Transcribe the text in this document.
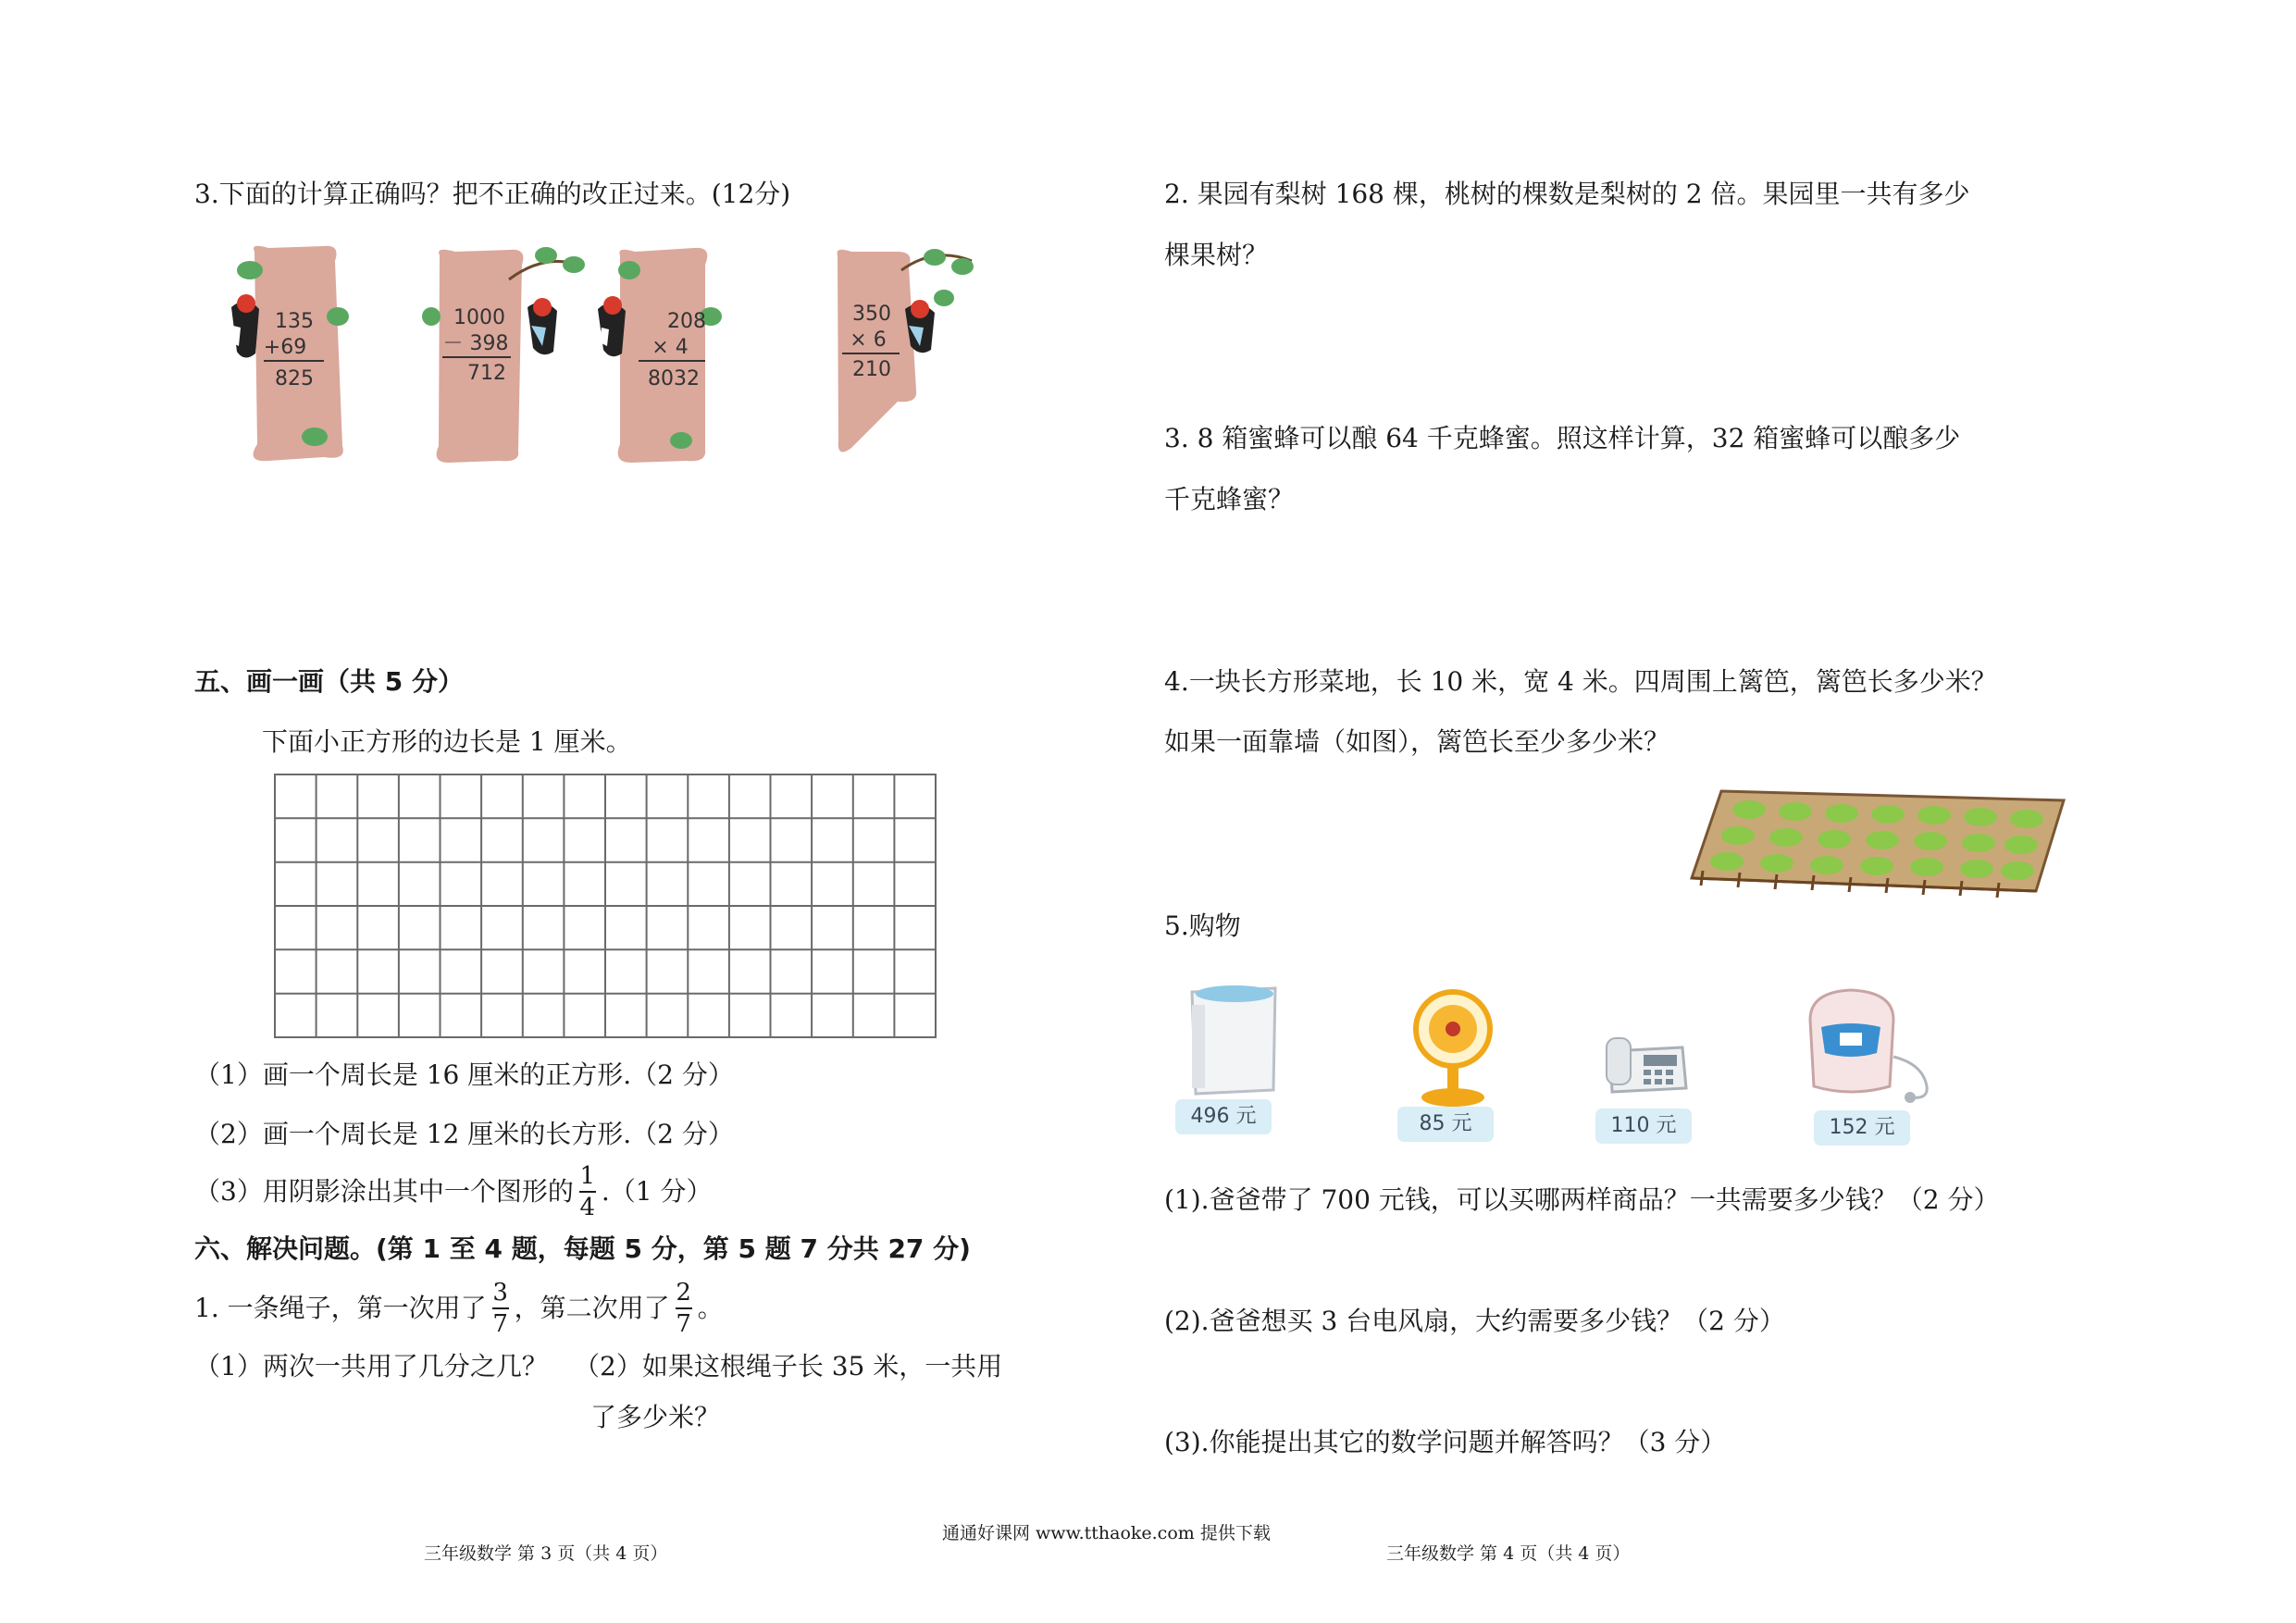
3.下面的计算正确吗？把不正确的改正过来。(12分)
135
+69
825
1000
－ 398
712
208
× 4
8032
350
× 6
210
五、画一画（共 5 分）
下面小正方形的边长是 1 厘米。
（1）画一个周长是 16 厘米的正方形.（2 分）
（2）画一个周长是 12 厘米的长方形.（2 分）
（3）用阴影涂出其中一个图形的 $\frac{1}{4} .(1$ 分）
六、解决问题。(第 1 至 4 题，每题 5 分，第 5 题 7 分共 27 分)
1. 一条绳子，第一次用了 $\frac{3}{7}$ ，第二次用了 $\frac{2}{7}$ 。
（1）两次一共用了几分之几？ （2）如果这根绳子长 35 米，一共用
了多少米？
三年级数学 第 3 页（共 4 页）
通通好课网 www.tthaoke.com 提供下载
2. 果园有梨树 168 棵，桃树的棵数是梨树的 2 倍。果园里一共有多少
棵果树？
3. 8 箱蜜蜂可以酿 64 千克蜂蜜。照这样计算，32 箱蜜蜂可以酿多少
千克蜂蜜？
4.一块长方形菜地，长 10 米，宽 4 米。四周围上篱笆，篱笆长多少米？
如果一面靠墙（如图），篱笆长至少多少米？
5.购物
496 元	85 元	110 元	152 元
(1).爸爸带了 700 元钱，可以买哪两样商品？一共需要多少钱？（2 分）
(2).爸爸想买 3 台电风扇，大约需要多少钱？（2 分）
(3).你能提出其它的数学问题并解答吗？（3 分）
三年级数学 第 4 页（共 4 页）
